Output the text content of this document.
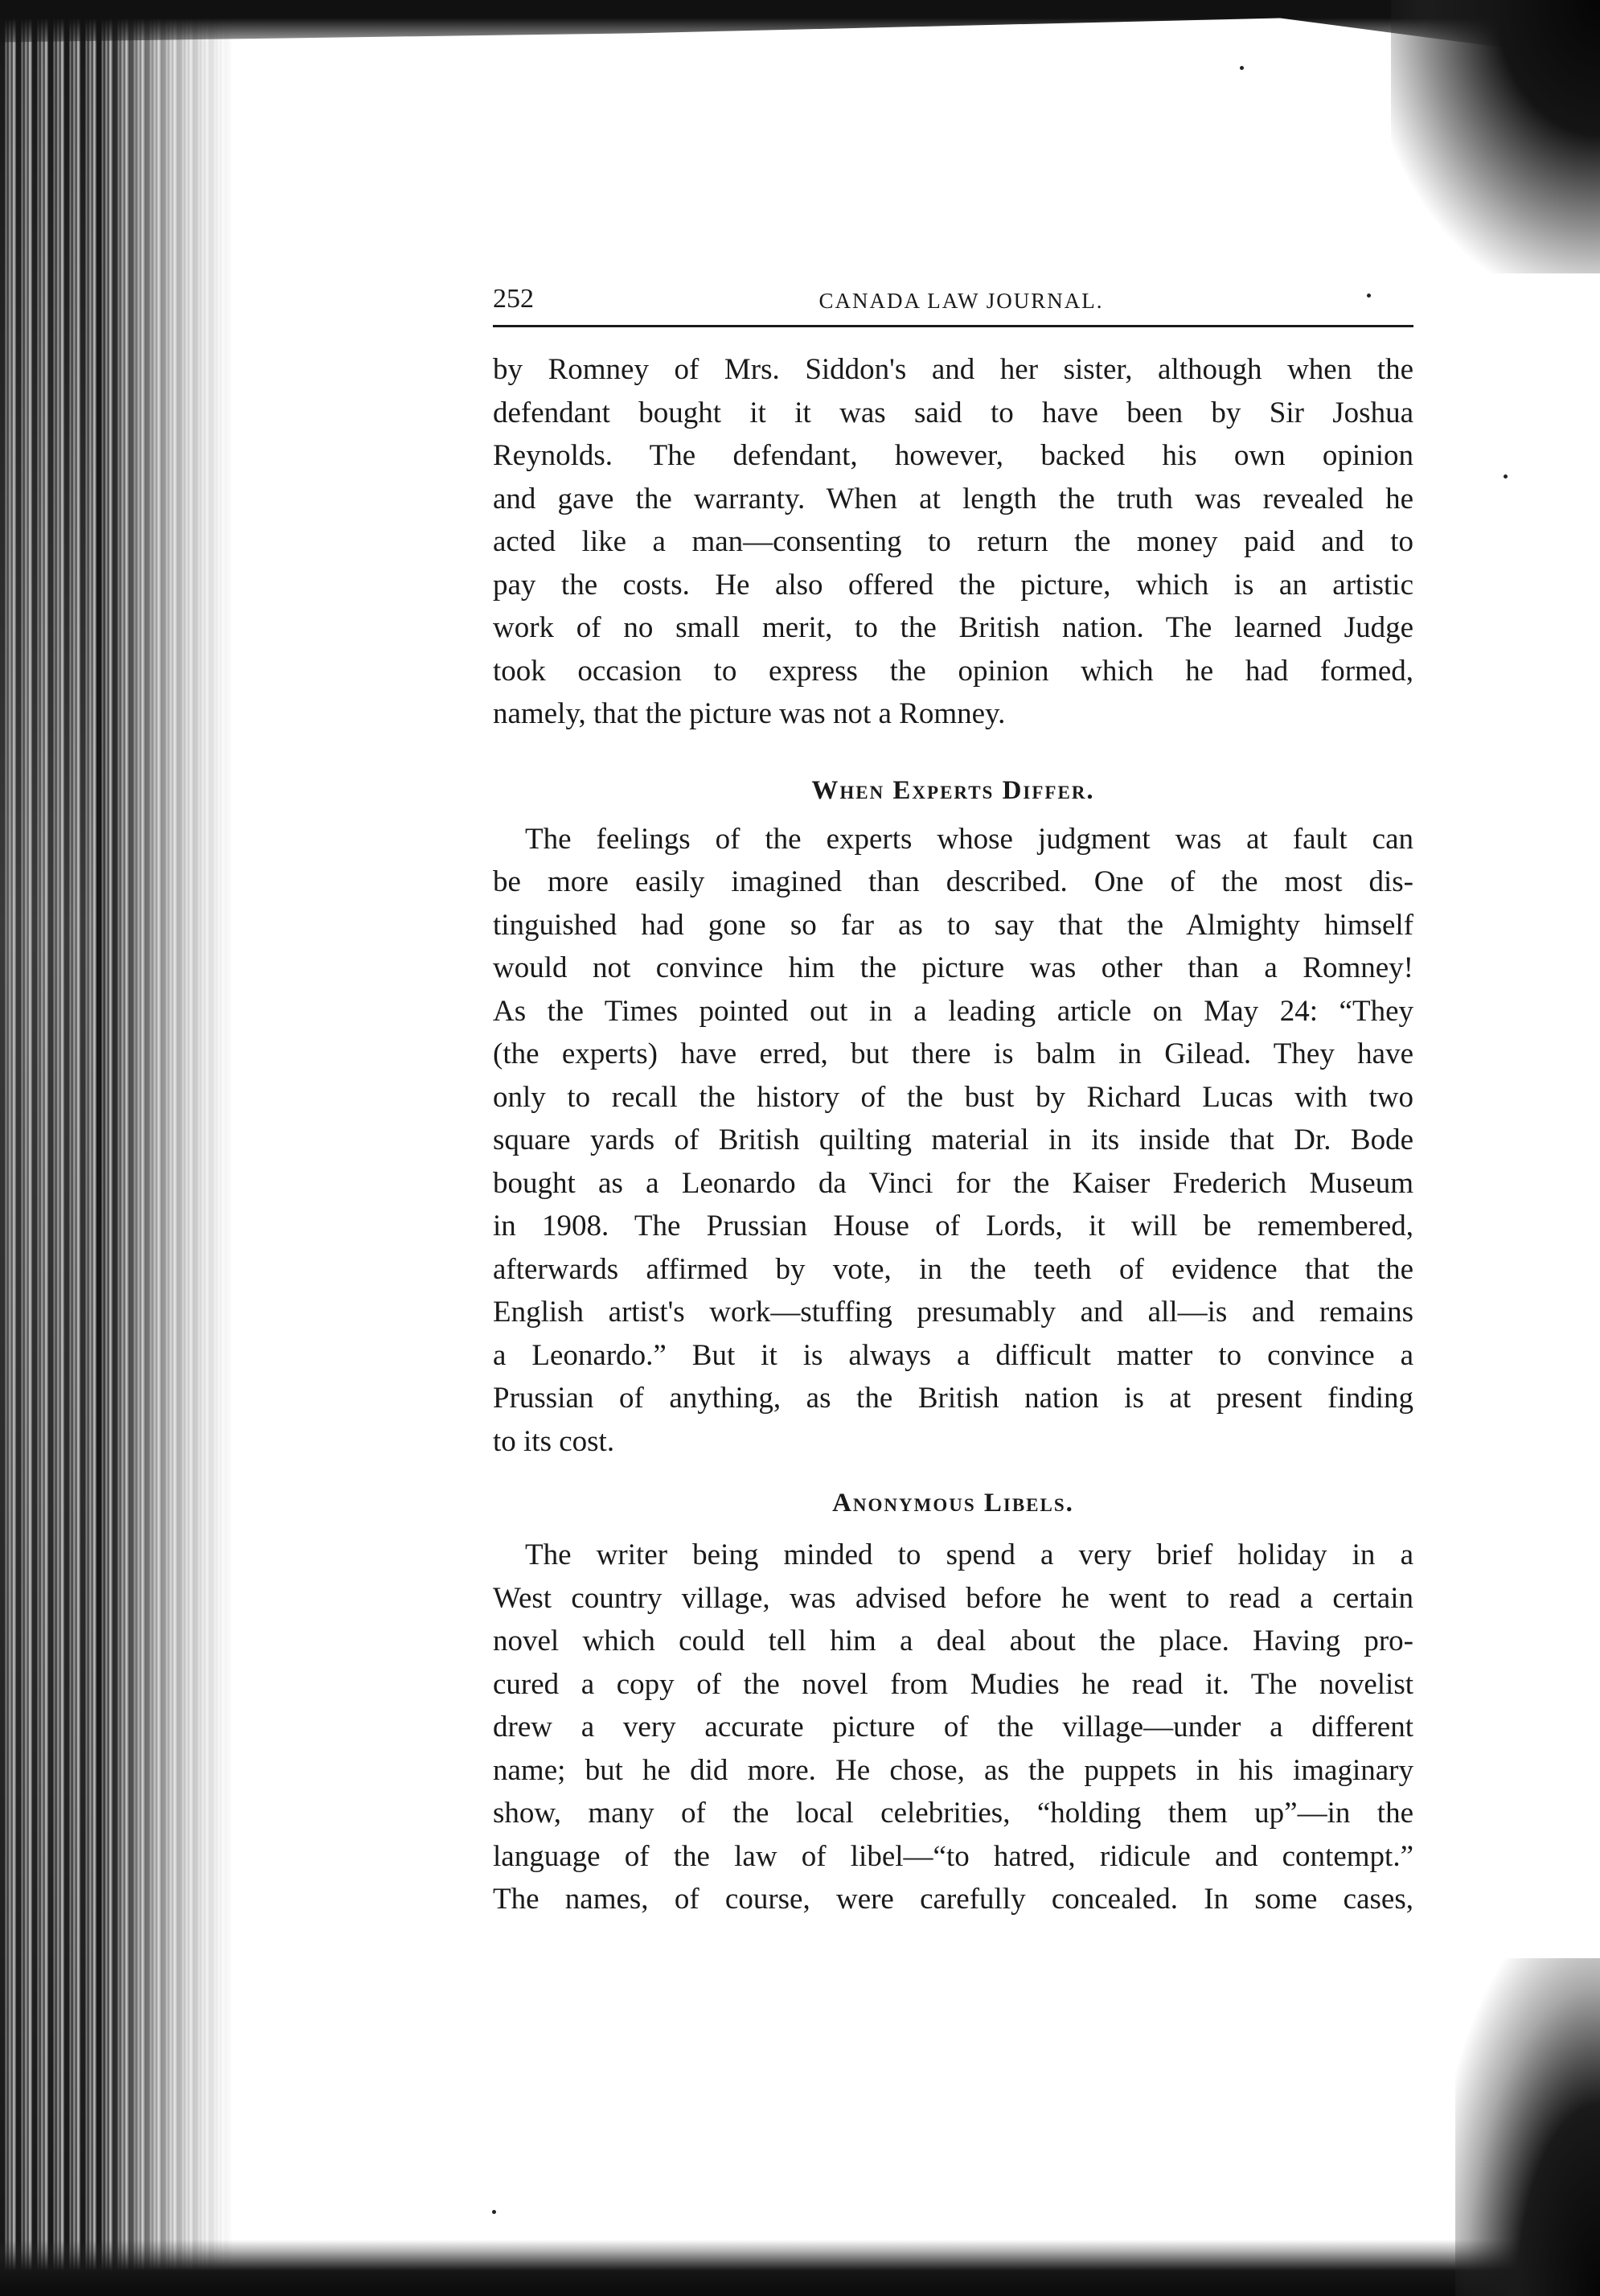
252	CANADA LAW JOURNAL.

by Romney of Mrs. Siddon's and her sister, although when the

defendant bought it it was said to have been by Sir Joshua

Reynolds. The defendant, however, backed his own opinion

and gave the warranty. When at length the truth was revealed he

acted like a man—consenting to return the money paid and to

pay the costs. He also offered the picture, which is an artistic

work of no small merit, to the British nation. The learned Judge

took occasion to express the opinion which he had formed,

namely, that the picture was not a Romney.

When Experts Differ.

The feelings of the experts whose judgment was at fault can

be more easily imagined than described. One of the most dis-

tinguished had gone so far as to say that the Almighty himself

would not convince him the picture was other than a Romney!

As the Times pointed out in a leading article on May 24: “They

(the experts) have erred, but there is balm in Gilead. They have

only to recall the history of the bust by Richard Lucas with two

square yards of British quilting material in its inside that Dr. Bode

bought as a Leonardo da Vinci for the Kaiser Frederich Museum

in 1908. The Prussian House of Lords, it will be remembered,

afterwards affirmed by vote, in the teeth of evidence that the

English artist's work—stuffing presumably and all—is and remains

a Leonardo.” But it is always a difficult matter to convince a

Prussian of anything, as the British nation is at present finding

to its cost.

Anonymous Libels.

The writer being minded to spend a very brief holiday in a

West country village, was advised before he went to read a certain

novel which could tell him a deal about the place. Having pro-

cured a copy of the novel from Mudies he read it. The novelist

drew a very accurate picture of the village—under a different

name; but he did more. He chose, as the puppets in his imaginary

show, many of the local celebrities, “holding them up”—in the

language of the law of libel—“to hatred, ridicule and contempt.”

The names, of course, were carefully concealed. In some cases,
